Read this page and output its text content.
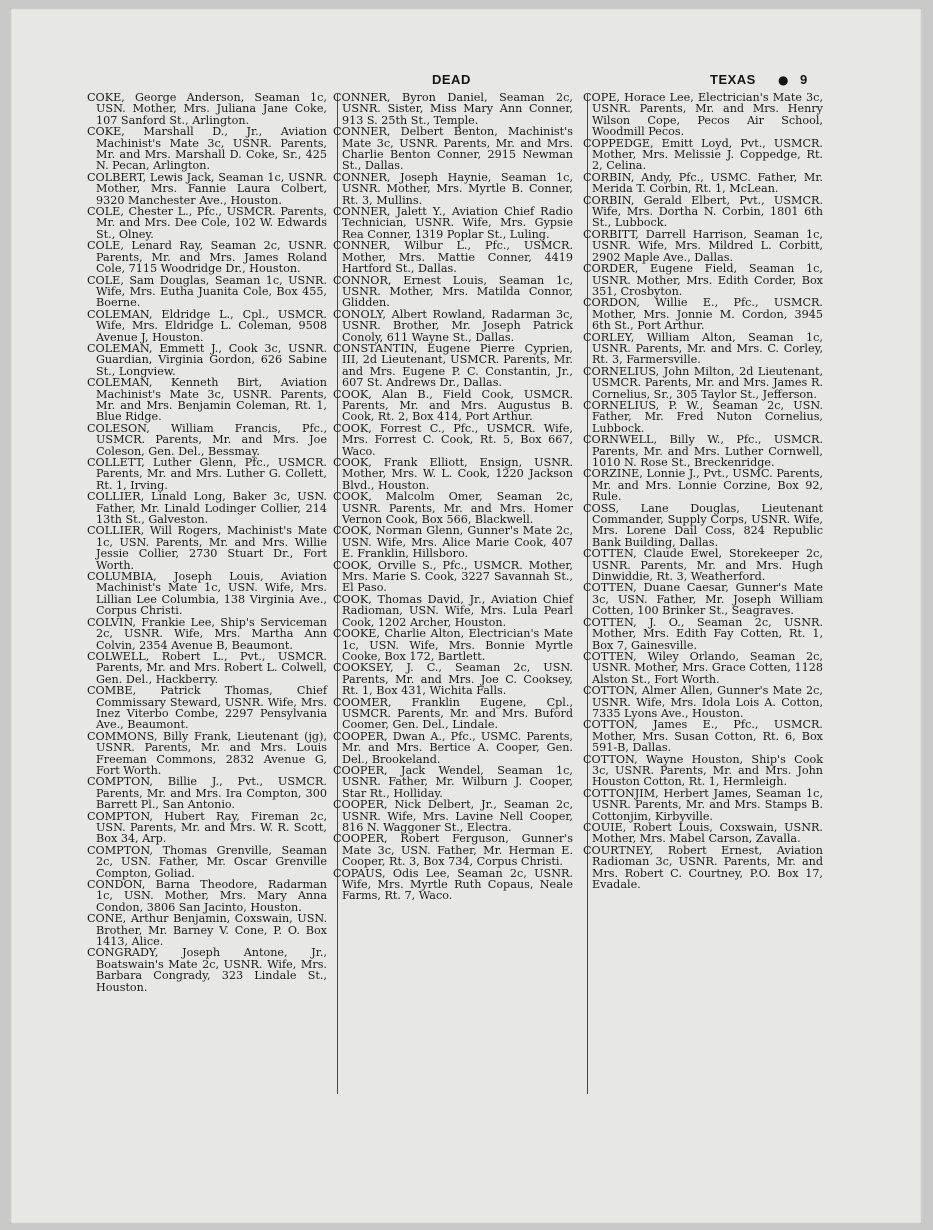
DEAD	TEXAS ● 9
COKE, George Anderson, Seaman 1c, USN. Mother, Mrs. Juliana Jane Coke, 107 Sanford St., Arlington.
COKE, Marshall D., Jr., Aviation Machinist's Mate 3c, USNR. Parents, Mr. and Mrs. Marshall D. Coke, Sr., 425 N. Pecan, Arlington.
COLBERT, Lewis Jack, Seaman 1c, USNR. Mother, Mrs. Fannie Laura Colbert, 9320 Manchester Ave., Houston.
COLE, Chester L., Pfc., USMCR. Parents, Mr. and Mrs. Dee Cole, 102 W. Edwards St., Olney.
COLE, Lenard Ray, Seaman 2c, USNR. Parents, Mr. and Mrs. James Roland Cole, 7115 Woodridge Dr., Houston.
COLE, Sam Douglas, Seaman 1c, USNR. Wife, Mrs. Eutha Juanita Cole, Box 455, Boerne.
COLEMAN, Eldridge L., Cpl., USMCR. Wife, Mrs. Eldridge L. Coleman, 9508 Avenue J, Houston.
COLEMAN, Emmett J., Cook 3c, USNR. Guardian, Virginia Gordon, 626 Sabine St., Longview.
COLEMAN, Kenneth Birt, Aviation Machinist's Mate 3c, USNR. Parents, Mr. and Mrs. Benjamin Coleman, Rt. 1, Blue Ridge.
COLESON, William Francis, Pfc., USMCR. Parents, Mr. and Mrs. Joe Coleson, Gen. Del., Bessmay.
COLLETT, Luther Glenn, Pfc., USMCR. Parents, Mr. and Mrs. Luther G. Collett, Rt. 1, Irving.
COLLIER, Linald Long, Baker 3c, USN. Father, Mr. Linald Lodinger Collier, 214 13th St., Galveston.
COLLIER, Will Rogers, Machinist's Mate 1c, USN. Parents, Mr. and Mrs. Willie Jessie Collier, 2730 Stuart Dr., Fort Worth.
COLUMBIA, Joseph Louis, Aviation Machinist's Mate 1c, USN. Wife, Mrs. Lillian Lee Columbia, 138 Virginia Ave., Corpus Christi.
COLVIN, Frankie Lee, Ship's Serviceman 2c, USNR. Wife, Mrs. Martha Ann Colvin, 2354 Avenue B, Beaumont.
COLWELL, Robert L., Pvt., USMCR. Parents, Mr. and Mrs. Robert L. Colwell, Gen. Del., Hackberry.
COMBE, Patrick Thomas, Chief Commissary Steward, USNR. Wife, Mrs. Inez Viterbo Combe, 2297 Pensylvania Ave., Beaumont.
COMMONS, Billy Frank, Lieutenant (jg), USNR. Parents, Mr. and Mrs. Louis Freeman Commons, 2832 Avenue G, Fort Worth.
COMPTON, Billie J., Pvt., USMCR. Parents, Mr. and Mrs. Ira Compton, 300 Barrett Pl., San Antonio.
COMPTON, Hubert Ray, Fireman 2c, USN. Parents, Mr. and Mrs. W. R. Scott, Box 34, Arp.
COMPTON, Thomas Grenville, Seaman 2c, USN. Father, Mr. Oscar Grenville Compton, Goliad.
CONDON, Barna Theodore, Radarman 1c, USN. Mother, Mrs. Mary Anna Condon, 3806 San Jacinto, Houston.
CONE, Arthur Benjamin, Coxswain, USN. Brother, Mr. Barney V. Cone, P. O. Box 1413, Alice.
CONGRADY, Joseph Antone, Jr., Boatswain's Mate 2c, USNR. Wife, Mrs. Barbara Congrady, 323 Lindale St., Houston.
CONNER, Byron Daniel, Seaman 2c, USNR. Sister, Miss Mary Ann Conner, 913 S. 25th St., Temple.
CONNER, Delbert Benton, Machinist's Mate 3c, USNR. Parents, Mr. and Mrs. Charlie Benton Conner, 2915 Newman St., Dallas.
CONNER, Joseph Haynie, Seaman 1c, USNR. Mother, Mrs. Myrtle B. Conner, Rt. 3, Mullins.
CONNER, Jalett Y., Aviation Chief Radio Technician, USNR. Wife, Mrs. Gypsie Rea Conner, 1319 Poplar St., Luling.
CONNER, Wilbur L., Pfc., USMCR. Mother, Mrs. Mattie Conner, 4419 Hartford St., Dallas.
CONNOR, Ernest Louis, Seaman 1c, USNR. Mother, Mrs. Matilda Connor, Glidden.
CONOLY, Albert Rowland, Radarman 3c, USNR. Brother, Mr. Joseph Patrick Conoly, 611 Wayne St., Dallas.
CONSTANTIN, Eugene Pierre Cyprien, III, 2d Lieutenant, USMCR. Parents, Mr. and Mrs. Eugene P. C. Constantin, Jr., 607 St. Andrews Dr., Dallas.
COOK, Alan B., Field Cook, USMCR. Parents, Mr. and Mrs. Augustus B. Cook, Rt. 2, Box 414, Port Arthur.
COOK, Forrest C., Pfc., USMCR. Wife, Mrs. Forrest C. Cook, Rt. 5, Box 667, Waco.
COOK, Frank Elliott, Ensign, USNR. Mother, Mrs. W. L. Cook, 1220 Jackson Blvd., Houston.
COOK, Malcolm Omer, Seaman 2c, USNR. Parents, Mr. and Mrs. Homer Vernon Cook, Box 566, Blackwell.
COOK, Norman Glenn, Gunner's Mate 2c, USN. Wife, Mrs. Alice Marie Cook, 407 E. Franklin, Hillsboro.
COOK, Orville S., Pfc., USMCR. Mother, Mrs. Marie S. Cook, 3227 Savannah St., El Paso.
COOK, Thomas David, Jr., Aviation Chief Radioman, USN. Wife, Mrs. Lula Pearl Cook, 1202 Archer, Houston.
COOKE, Charlie Alton, Electrician's Mate 1c, USN. Wife, Mrs. Bonnie Myrtle Cooke, Box 172, Bartlett.
COOKSEY, J. C., Seaman 2c, USN. Parents, Mr. and Mrs. Joe C. Cooksey, Rt. 1, Box 431, Wichita Falls.
COOMER, Franklin Eugene, Cpl., USMCR. Parents, Mr. and Mrs. Buford Coomer, Gen. Del., Lindale.
COOPER, Dwan A., Pfc., USMC. Parents, Mr. and Mrs. Bertice A. Cooper, Gen. Del., Brookeland.
COOPER, Jack Wendel, Seaman 1c, USNR. Father, Mr. Wilburn J. Cooper, Star Rt., Holliday.
COOPER, Nick Delbert, Jr., Seaman 2c, USNR. Wife, Mrs. Lavine Nell Cooper, 816 N. Waggoner St., Electra.
COOPER, Robert Ferguson, Gunner's Mate 3c, USN. Father, Mr. Herman E. Cooper, Rt. 3, Box 734, Corpus Christi.
COPAUS, Odis Lee, Seaman 2c, USNR. Wife, Mrs. Myrtle Ruth Copaus, Neale Farms, Rt. 7, Waco.
COPE, Horace Lee, Electrician's Mate 3c, USNR. Parents, Mr. and Mrs. Henry Wilson Cope, Pecos Air School, Woodmill Pecos.
COPPEDGE, Emitt Loyd, Pvt., USMCR. Mother, Mrs. Melissie J. Coppedge, Rt. 2, Celina.
CORBIN, Andy, Pfc., USMC. Father, Mr. Merida T. Corbin, Rt. 1, McLean.
CORBIN, Gerald Elbert, Pvt., USMCR. Wife, Mrs. Dortha N. Corbin, 1801 6th St., Lubbock.
CORBITT, Darrell Harrison, Seaman 1c, USNR. Wife, Mrs. Mildred L. Corbitt, 2902 Maple Ave., Dallas.
CORDER, Eugene Field, Seaman 1c, USNR. Mother, Mrs. Edith Corder, Box 351, Crosbyton.
CORDON, Willie E., Pfc., USMCR. Mother, Mrs. Jonnie M. Cordon, 3945 6th St., Port Arthur.
CORLEY, William Alton, Seaman 1c, USNR. Parents, Mr. and Mrs. C. Corley, Rt. 3, Farmersville.
CORNELIUS, John Milton, 2d Lieutenant, USMCR. Parents, Mr. and Mrs. James R. Cornelius, Sr., 305 Taylor St., Jefferson.
CORNELIUS, P. W., Seaman 2c, USN. Father, Mr. Fred Nuton Cornelius, Lubbock.
CORNWELL, Billy W., Pfc., USMCR. Parents, Mr. and Mrs. Luther Cornwell, 1010 N. Rose St., Breckenridge.
CORZINE, Lonnie J., Pvt., USMC. Parents, Mr. and Mrs. Lonnie Corzine, Box 92, Rule.
COSS, Lane Douglas, Lieutenant Commander, Supply Corps, USNR. Wife, Mrs. Lorene Dail Coss, 824 Republic Bank Building, Dallas.
COTTEN, Claude Ewel, Storekeeper 2c, USNR. Parents, Mr. and Mrs. Hugh Dinwiddie, Rt. 3, Weatherford.
COTTEN, Duane Caesar, Gunner's Mate 3c, USN. Father, Mr. Joseph William Cotten, 100 Brinker St., Seagraves.
COTTEN, J. O., Seaman 2c, USNR. Mother, Mrs. Edith Fay Cotten, Rt. 1, Box 7, Gainesville.
COTTEN, Wiley Orlando, Seaman 2c, USNR. Mother, Mrs. Grace Cotten, 1128 Alston St., Fort Worth.
COTTON, Almer Allen, Gunner's Mate 2c, USNR. Wife, Mrs. Idola Lois A. Cotton, 7335 Lyons Ave., Houston.
COTTON, James E., Pfc., USMCR. Mother, Mrs. Susan Cotton, Rt. 6, Box 591-B, Dallas.
COTTON, Wayne Houston, Ship's Cook 3c, USNR. Parents, Mr. and Mrs. John Houston Cotton, Rt. 1, Hermleigh.
COTTONJIM, Herbert James, Seaman 1c, USNR. Parents, Mr. and Mrs. Stamps B. Cottonjim, Kirbyville.
COUIE, Robert Louis, Coxswain, USNR. Mother, Mrs. Mabel Carson, Zavalla.
COURTNEY, Robert Ernest, Aviation Radioman 3c, USNR. Parents, Mr. and Mrs. Robert C. Courtney, P.O. Box 17, Evadale.
